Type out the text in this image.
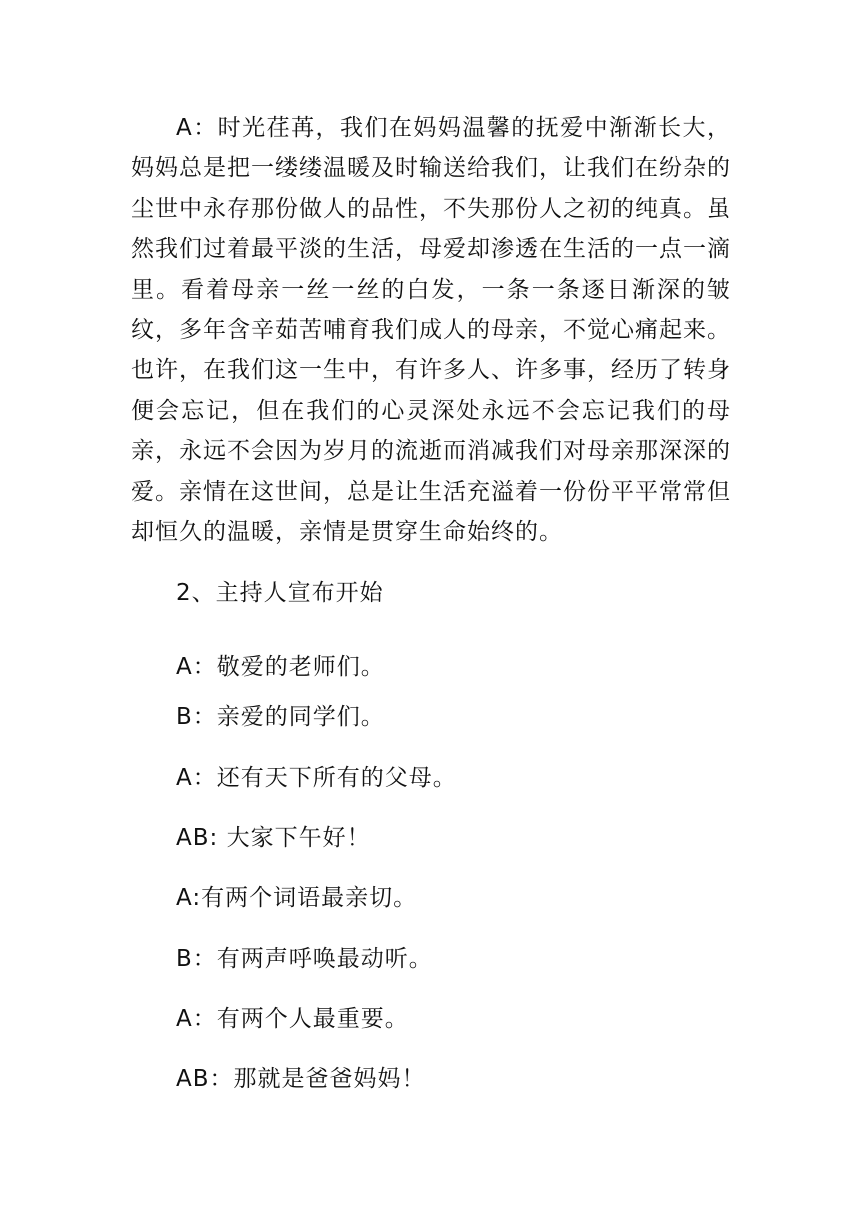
A：时光荏苒，我们在妈妈温馨的抚爱中渐渐长大，妈妈总是把一缕缕温暖及时输送给我们，让我们在纷杂的尘世中永存那份做人的品性，不失那份人之初的纯真。虽然我们过着最平淡的生活，母爱却渗透在生活的一点一滴里。看着母亲一丝一丝的白发，一条一条逐日渐深的皱纹，多年含辛茹苦哺育我们成人的母亲，不觉心痛起来。也许，在我们这一生中，有许多人、许多事，经历了转身便会忘记，但在我们的心灵深处永远不会忘记我们的母亲，永远不会因为岁月的流逝而消减我们对母亲那深深的爱。亲情在这世间，总是让生活充溢着一份份平平常常但却恒久的温暖，亲情是贯穿生命始终的。

2、主持人宣布开始

A：敬爱的老师们。

B：亲爱的同学们。

A：还有天下所有的父母。

AB: 大家下午好！

A:有两个词语最亲切。

B：有两声呼唤最动听。

A：有两个人最重要。

AB：那就是爸爸妈妈！
